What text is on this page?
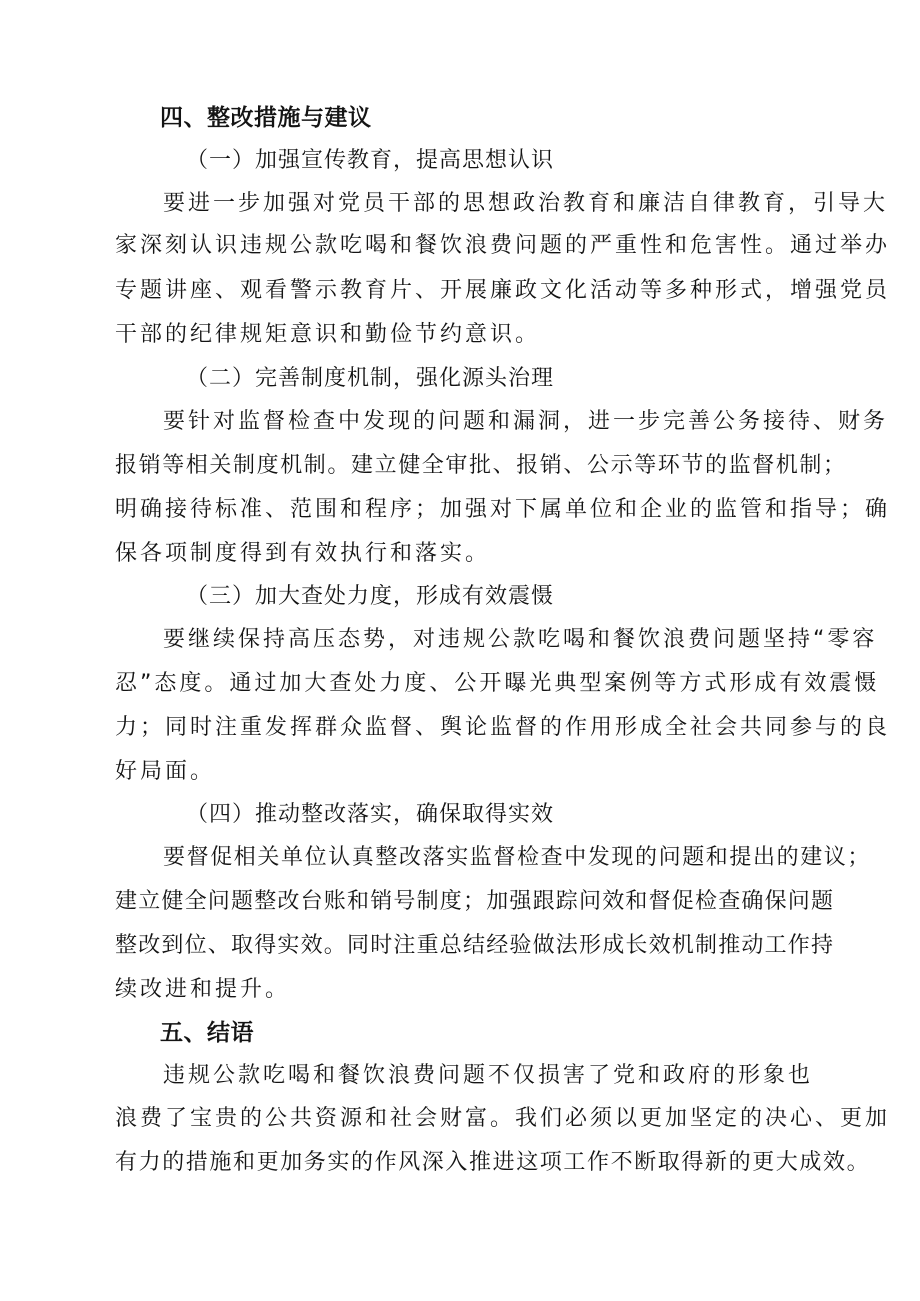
四、整改措施与建议

（一）加强宣传教育，提高思想认识

要进一步加强对党员干部的思想政治教育和廉洁自律教育，引导大

家深刻认识违规公款吃喝和餐饮浪费问题的严重性和危害性。通过举办

专题讲座、观看警示教育片、开展廉政文化活动等多种形式，增强党员

干部的纪律规矩意识和勤俭节约意识。

（二）完善制度机制，强化源头治理

要针对监督检查中发现的问题和漏洞，进一步完善公务接待、财务

报销等相关制度机制。建立健全审批、报销、公示等环节的监督机制；

明确接待标准、范围和程序；加强对下属单位和企业的监管和指导；确

保各项制度得到有效执行和落实。

（三）加大查处力度，形成有效震慑

要继续保持高压态势，对违规公款吃喝和餐饮浪费问题坚持“零容

忍”态度。通过加大查处力度、公开曝光典型案例等方式形成有效震慑

力；同时注重发挥群众监督、舆论监督的作用形成全社会共同参与的良

好局面。

（四）推动整改落实，确保取得实效

要督促相关单位认真整改落实监督检查中发现的问题和提出的建议；

建立健全问题整改台账和销号制度；加强跟踪问效和督促检查确保问题

整改到位、取得实效。同时注重总结经验做法形成长效机制推动工作持

续改进和提升。

五、结语

违规公款吃喝和餐饮浪费问题不仅损害了党和政府的形象也

浪费了宝贵的公共资源和社会财富。我们必须以更加坚定的决心、更加

有力的措施和更加务实的作风深入推进这项工作不断取得新的更大成效。
